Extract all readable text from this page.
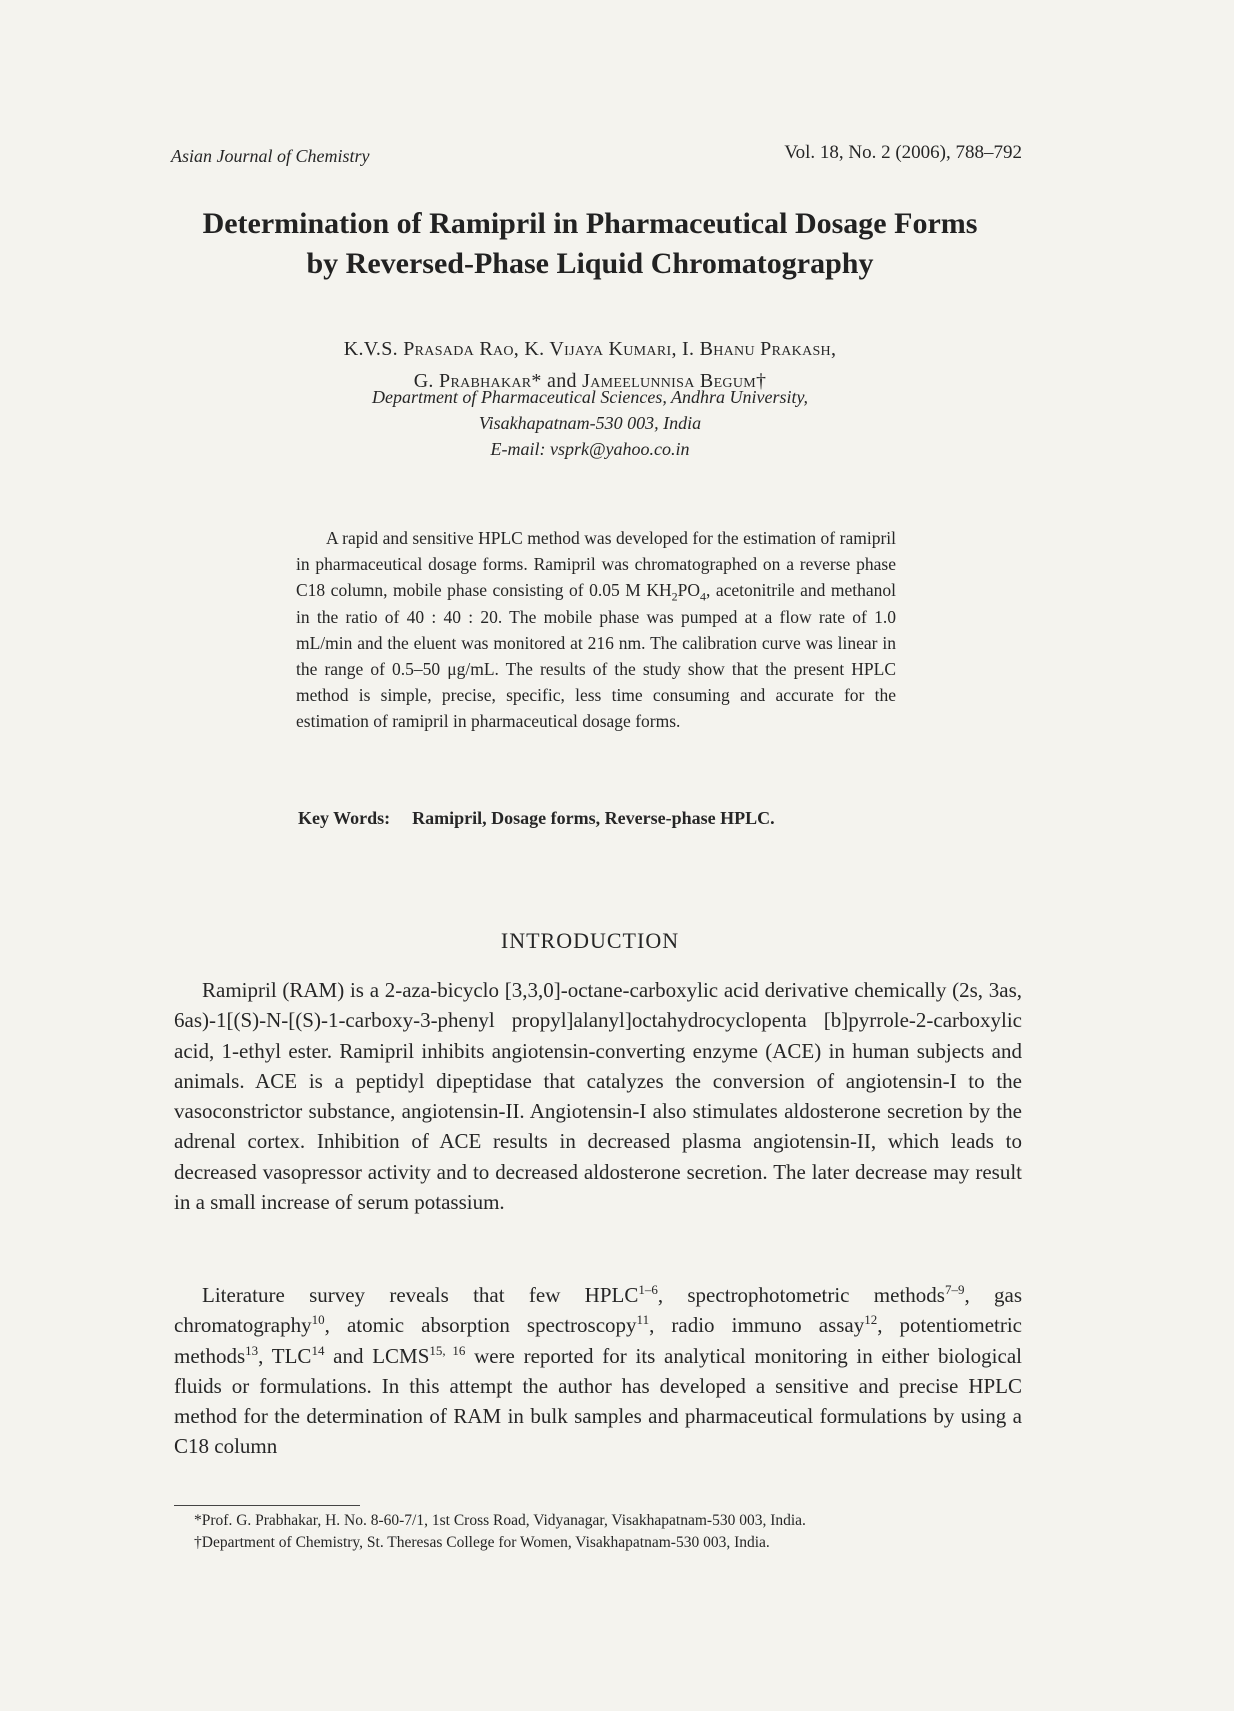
Asian Journal of Chemistry	Vol. 18, No. 2 (2006), 788–792
Determination of Ramipril in Pharmaceutical Dosage Forms
by Reversed-Phase Liquid Chromatography
K.V.S. Prasada Rao, K. Vijaya Kumari, I. Bhanu Prakash,
G. Prabhakar* and Jameelunnisa Begum†
Department of Pharmaceutical Sciences, Andhra University,
Visakhapatnam-530 003, India
E-mail: vsprk@yahoo.co.in
A rapid and sensitive HPLC method was developed for the estimation of ramipril in pharmaceutical dosage forms. Ramipril was chromatographed on a reverse phase C18 column, mobile phase consisting of 0.05 M $KH_2PO_4$, acetonitrile and methanol in the ratio of 40 : 40 : 20. The mobile phase was pumped at a flow rate of 1.0 mL/min and the eluent was monitored at 216 nm. The calibration curve was linear in the range of 0.5–50 μg/mL. The results of the study show that the present HPLC method is simple, precise, specific, less time consuming and accurate for the estimation of ramipril in pharmaceutical dosage forms.
Key Words: Ramipril, Dosage forms, Reverse-phase HPLC.
INTRODUCTION
Ramipril (RAM) is a 2-aza-bicyclo [3,3,0]-octane-carboxylic acid derivative chemically (2s, 3as, 6as)-1[(S)-N-[(S)-1-carboxy-3-phenyl propyl]alanyl]octahydrocyclopenta [b]pyrrole-2-carboxylic acid, 1-ethyl ester. Ramipril inhibits angiotensin-converting enzyme (ACE) in human subjects and animals. ACE is a peptidyl dipeptidase that catalyzes the conversion of angiotensin-I to the vasoconstrictor substance, angiotensin-II. Angiotensin-I also stimulates aldosterone secretion by the adrenal cortex. Inhibition of ACE results in decreased plasma angiotensin-II, which leads to decreased vasopressor activity and to decreased aldosterone secretion. The later decrease may result in a small increase of serum potassium.
Literature survey reveals that few HPLC$^{1-6}$, spectrophotometric methods$^{7-9}$, gas chromatography$^{10}$, atomic absorption spectroscopy$^{11}$, radio immuno assay$^{12}$, potentiometric methods$^{13}$, TLC$^{14}$ and LCMS$^{15, 16}$ were reported for its analytical monitoring in either biological fluids or formulations. In this attempt the author has developed a sensitive and precise HPLC method for the determination of RAM in bulk samples and pharmaceutical formulations by using a C18 column
*Prof. G. Prabhakar, H. No. 8-60-7/1, 1st Cross Road, Vidyanagar, Visakhapatnam-530 003, India.
†Department of Chemistry, St. Theresas College for Women, Visakhapatnam-530 003, India.
